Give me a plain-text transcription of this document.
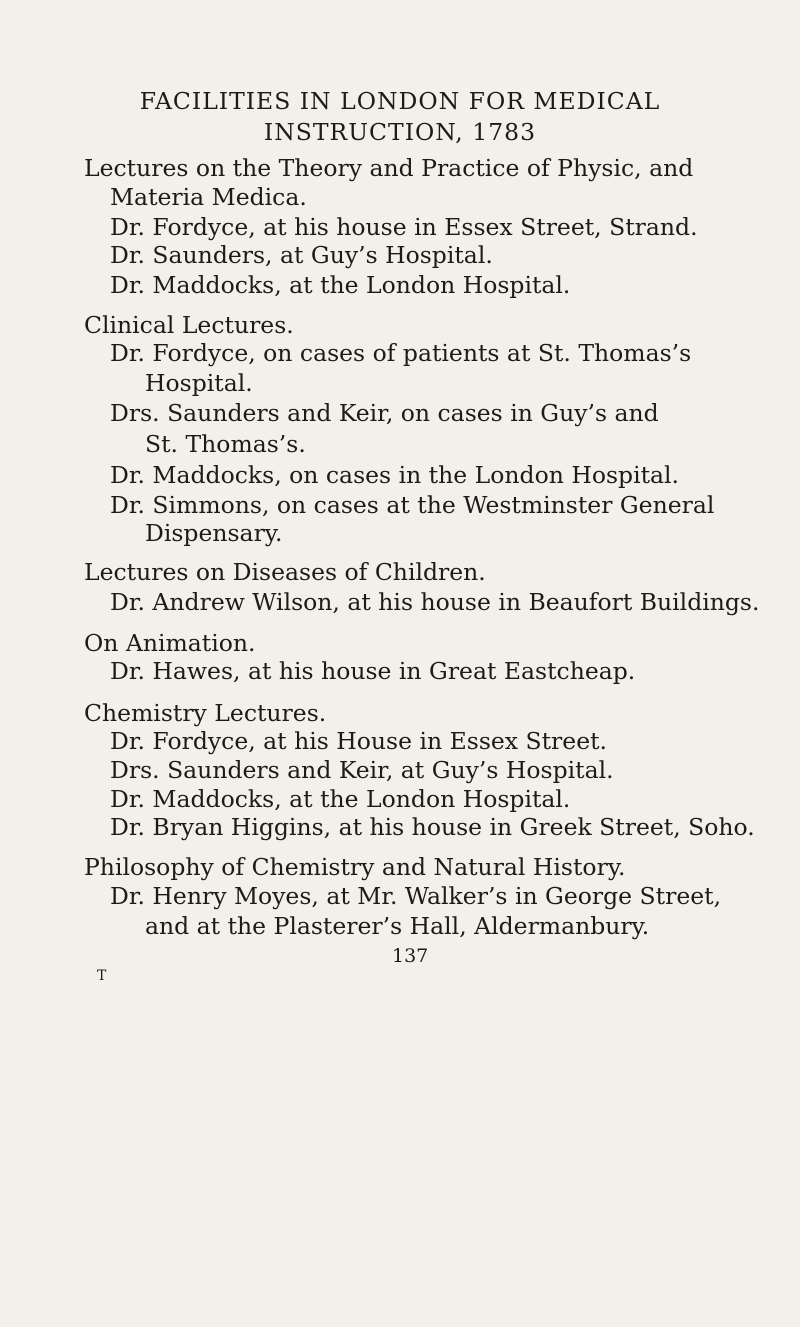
FACILITIES IN LONDON FOR MEDICAL
INSTRUCTION, 1783

Lectures on the Theory and Practice of Physic, and

Materia Medica.

Dr. Fordyce, at his house in Essex Street, Strand.

Dr. Saunders, at Guy’s Hospital.

Dr. Maddocks, at the London Hospital.

Clinical Lectures.

Dr. Fordyce, on cases of patients at St. Thomas’s

Hospital.

Drs. Saunders and Keir, on cases in Guy’s and

St. Thomas’s.

Dr. Maddocks, on cases in the London Hospital.

Dr. Simmons, on cases at the Westminster General

Dispensary.

Lectures on Diseases of Children.

Dr. Andrew Wilson, at his house in Beaufort Buildings.

On Animation.

Dr. Hawes, at his house in Great Eastcheap.

Chemistry Lectures.

Dr. Fordyce, at his House in Essex Street.

Drs. Saunders and Keir, at Guy’s Hospital.

Dr. Maddocks, at the London Hospital.

Dr. Bryan Higgins, at his house in Greek Street, Soho.

Philosophy of Chemistry and Natural History.

Dr. Henry Moyes, at Mr. Walker’s in George Street,

and at the Plasterer’s Hall, Aldermanbury.

T
137
